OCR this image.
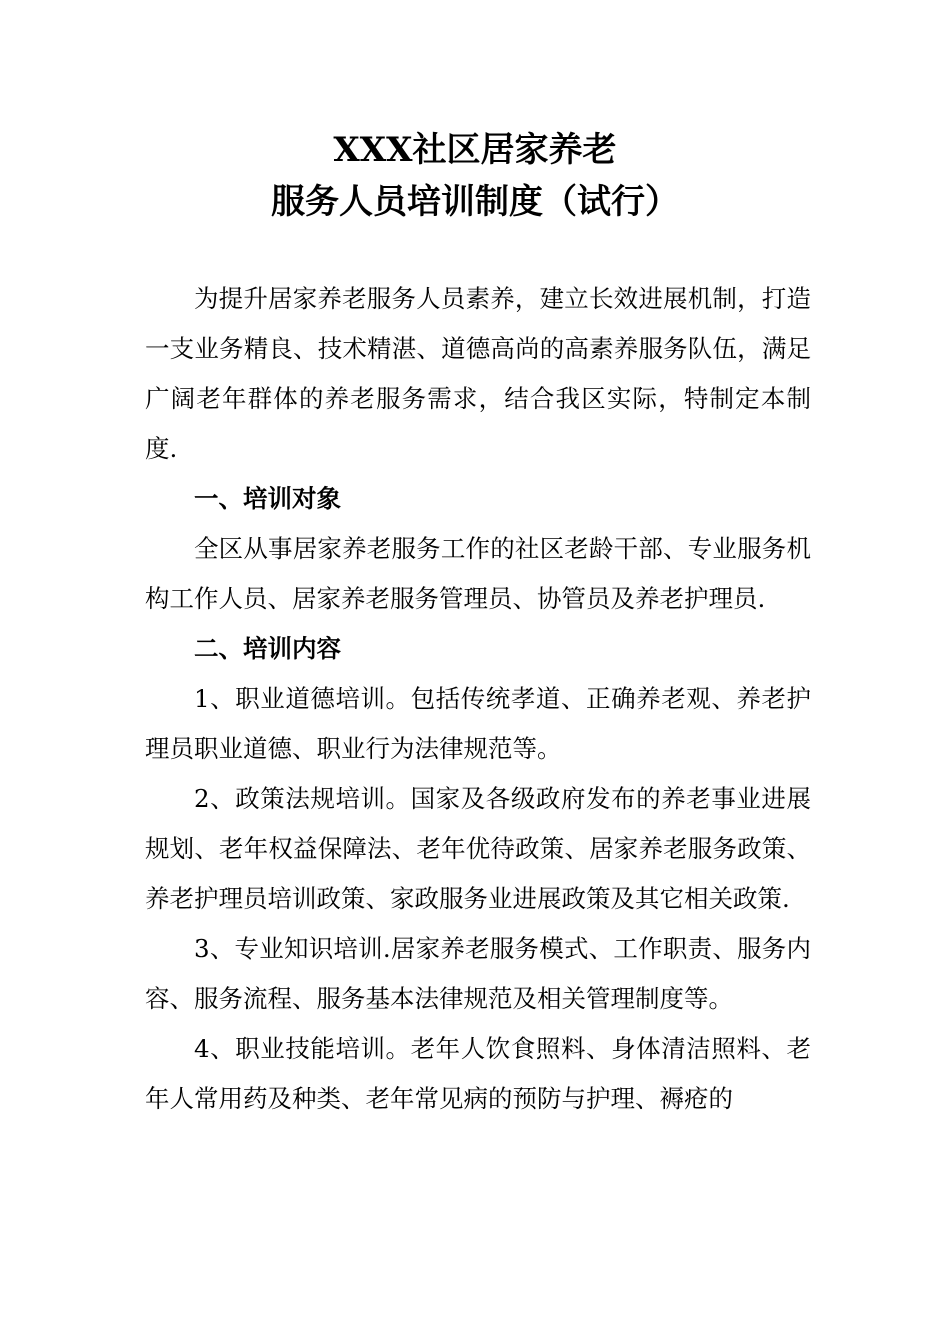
XXX社区居家养老
服务人员培训制度（试行）

为提升居家养老服务人员素养，建立长效进展机制，打造一支业务精良、技术精湛、道德高尚的高素养服务队伍，满足广阔老年群体的养老服务需求，结合我区实际，特制定本制度.

一、培训对象

全区从事居家养老服务工作的社区老龄干部、专业服务机构工作人员、居家养老服务管理员、协管员及养老护理员.

二、培训内容

1、职业道德培训。包括传统孝道、正确养老观、养老护理员职业道德、职业行为法律规范等。

2、政策法规培训。国家及各级政府发布的养老事业进展规划、老年权益保障法、老年优待政策、居家养老服务政策、养老护理员培训政策、家政服务业进展政策及其它相关政策.

3、专业知识培训.居家养老服务模式、工作职责、服务内容、服务流程、服务基本法律规范及相关管理制度等。

4、职业技能培训。老年人饮食照料、身体清洁照料、老年人常用药及种类、老年常见病的预防与护理、褥疮的
